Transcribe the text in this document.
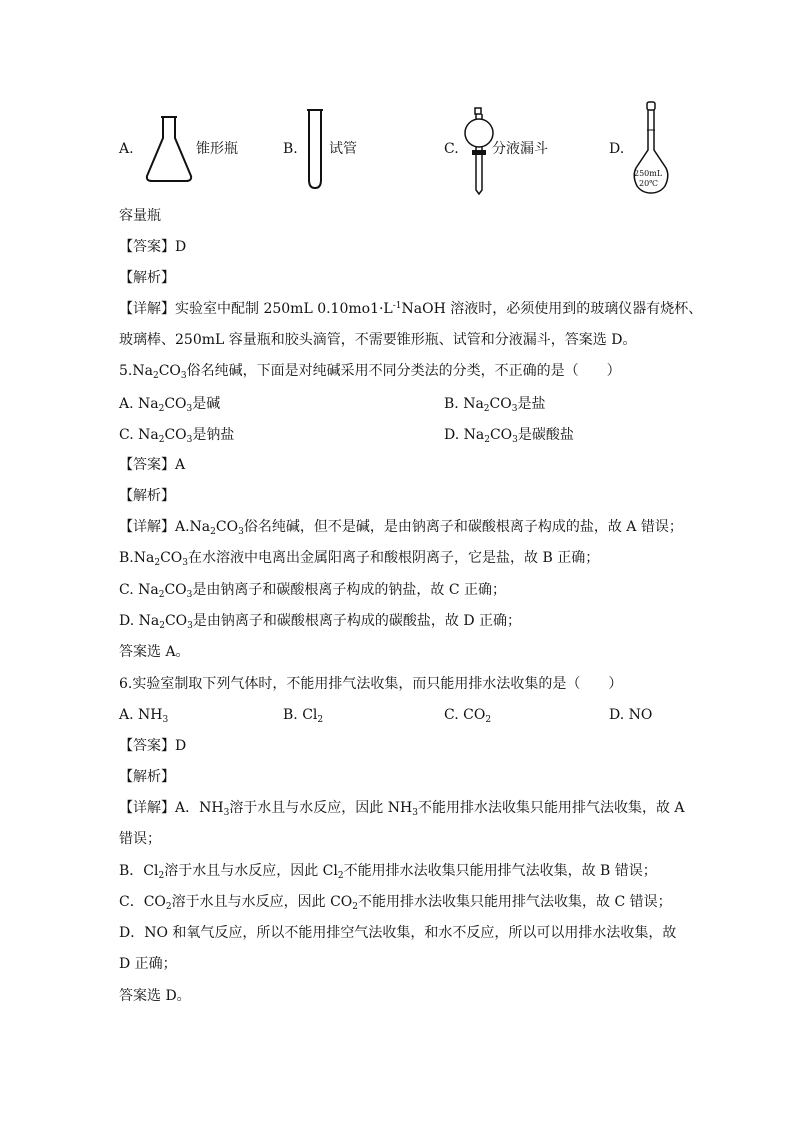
A.	锥形瓶	B. 试管	C. 分液漏斗	D.
250mL
20℃
容量瓶
【答案】D
【解析】
【详解】实验室中配制 250mL $0.10mo1\cdot L^{-1}NaOH$ 溶液时，必须使用到的玻璃仪器有烧杯、
玻璃棒、250mL 容量瓶和胶头滴管，不需要锥形瓶、试管和分液漏斗，答案选 D。
$5.Na_2CO_3$俗名纯碱，下面是对纯碱采用不同分类法的分类，不正确的是（　　）
A. $Na_2CO_3$是碱	B. $Na_2CO_3$是盐
C. $Na_2CO_3$是钠盐	D. $Na_2CO_3$是碳酸盐
【答案】A
【解析】
【详解】$A.Na_2CO_3$俗名纯碱，但不是碱，是由钠离子和碳酸根离子构成的盐，故 A 错误；
$B.Na_2CO_3$在水溶液中电离出金属阳离子和酸根阴离子，它是盐，故 B 正确；
C. $Na_2CO_3$是由钠离子和碳酸根离子构成的钠盐，故 C 正确；
D. $Na_2CO_3$是由钠离子和碳酸根离子构成的碳酸盐，故 D 正确；
答案选 A。
6.实验室制取下列气体时，不能用排气法收集，而只能用排水法收集的是（　　）
A. $NH_3$	B. $Cl_2$	C. $CO_2$	D. NO
【答案】D
【解析】
【详解】A．$NH_3$溶于水且与水反应，因此 $NH_3$不能用排水法收集只能用排气法收集，故 A
错误；
B．$Cl_2$溶于水且与水反应，因此 $Cl_2$不能用排水法收集只能用排气法收集，故 B 错误；
C．$CO_2$溶于水且与水反应，因此 $CO_2$不能用排水法收集只能用排气法收集，故 C 错误；
D．NO 和氧气反应，所以不能用排空气法收集，和水不反应，所以可以用排水法收集，故
D 正确；
答案选 D。
